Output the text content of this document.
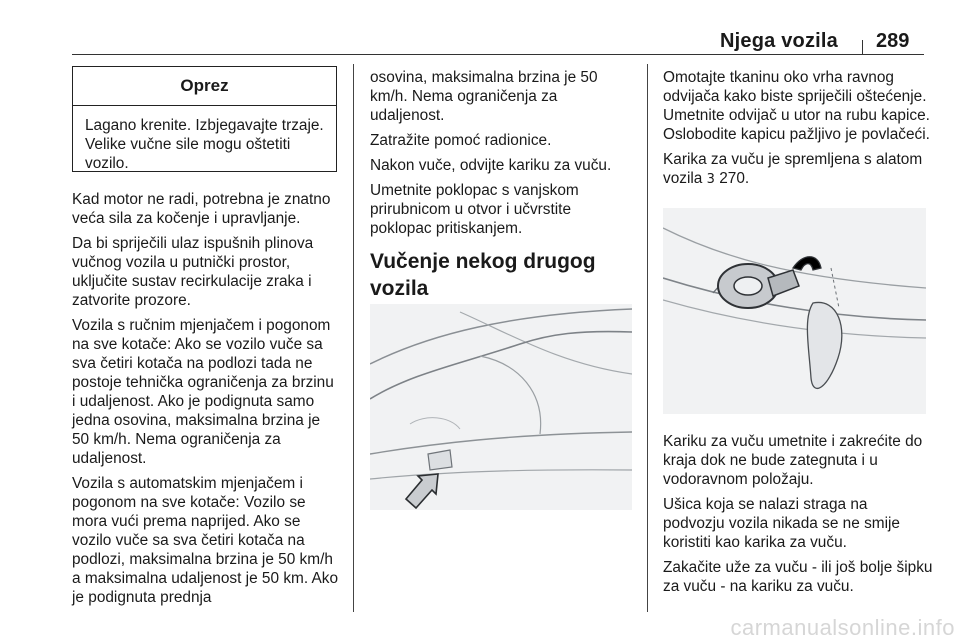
Njega vozila 289
Oprez
Lagano krenite. Izbjegavajte trzaje. Velike vučne sile mogu oštetiti vozilo.

Kad motor ne radi, potrebna je znatno veća sila za kočenje i upravljanje.

Da bi spriječili ulaz ispušnih plinova vučnog vozila u putnički prostor, uključite sustav recirkulacije zraka i zatvorite prozore.

Vozila s ručnim mjenjačem i pogonom na sve kotače: Ako se vozilo vuče sa sva četiri kotača na podlozi tada ne postoje tehnička ograničenja za brzinu i udaljenost. Ako je podignuta samo jedna osovina, maksimalna brzina je 50 km/h. Nema ograničenja za udaljenost.

Vozila s automatskim mjenjačem i pogonom na sve kotače: Vozilo se mora vući prema naprijed. Ako se vozilo vuče sa sva četiri kotača na podlozi, maksimalna brzina je 50 km/h a maksimalna udaljenost je 50 km. Ako je podignuta prednja

osovina, maksimalna brzina je 50 km/h. Nema ograničenja za udaljenost.

Zatražite pomoć radionice.

Nakon vuče, odvijte kariku za vuču.

Umetnite poklopac s vanjskom prirubnicom u otvor i učvrstite poklopac pritiskanjem.

Vučenje nekog drugog vozila

Omotajte tkaninu oko vrha ravnog odvijača kako biste spriječili oštećenje. Umetnite odvijač u utor na rubu kapice. Oslobodite kapicu pažljivo je povlačeći.

Karika za vuču je spremljena s alatom vozila 3 270.

Kariku za vuču umetnite i zakrećite do kraja dok ne bude zategnuta i u vodoravnom položaju.

Ušica koja se nalazi straga na podvozju vozila nikada se ne smije koristiti kao karika za vuču.

Zakačite uže za vuču - ili još bolje šipku za vuču - na kariku za vuču.

carmanualsonline.info
